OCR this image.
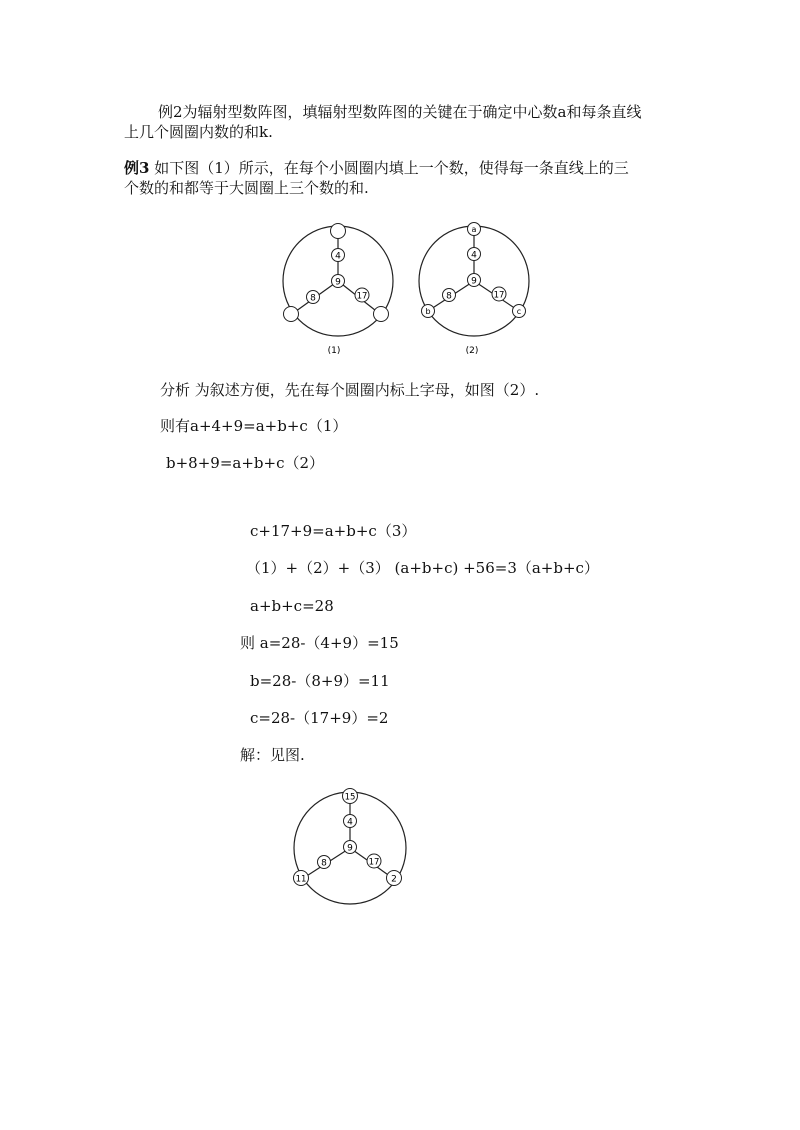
例2为辐射型数阵图，填辐射型数阵图的关键在于确定中心数a和每条直线
上几个圆圈内数的和k.
例3 如下图（1）所示，在每个小圆圈内填上一个数，使得每一条直线上的三
个数的和都等于大圆圈上三个数的和.
4
9
8	17
(1)
a
4
9
8	17
b	c
(2)
分析 为叙述方便，先在每个圆圈内标上字母，如图（2）.
则有a+4+9=a+b+c（1）
b+8+9=a+b+c（2）
c+17+9=a+b+c（3）
（1）+（2）+（3） (a+b+c) +56=3（a+b+c）
a+b+c=28
则 a=28-（4+9）=15
b=28-（8+9）=11
c=28-（17+9）=2
解：见图.
15
4
9
8	17
11	2
